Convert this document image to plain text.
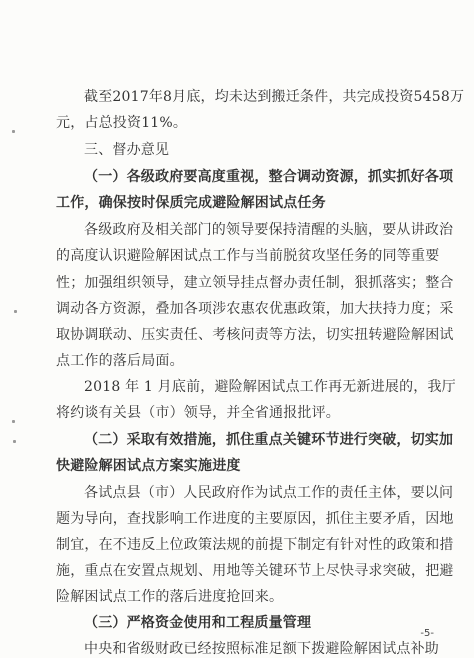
截至2017年8月底，均未达到搬迁条件，共完成投资5458万
元，占总投资11%。
三、督办意见
（一）各级政府要高度重视，整合调动资源，抓实抓好各项
工作，确保按时保质完成避险解困试点任务
各级政府及相关部门的领导要保持清醒的头脑，要从讲政治
的高度认识避险解困试点工作与当前脱贫攻坚任务的同等重要
性；加强组织领导，建立领导挂点督办责任制，狠抓落实；整合
调动各方资源，叠加各项涉农惠农优惠政策，加大扶持力度；采
取协调联动、压实责任、考核问责等方法，切实扭转避险解困试
点工作的落后局面。
2018 年 1 月底前，避险解困试点工作再无新进展的，我厅
将约谈有关县（市）领导，并全省通报批评。
（二）采取有效措施，抓住重点关键环节进行突破，切实加
快避险解困试点方案实施进度
各试点县（市）人民政府作为试点工作的责任主体，要以问
题为导向，查找影响工作进度的主要原因，抓住主要矛盾，因地
制宜，在不违反上位政策法规的前提下制定有针对性的政策和措
施，重点在安置点规划、用地等关键环节上尽快寻求突破，把避
险解困试点工作的落后进度抢回来。
（三）严格资金使用和工程质量管理
中央和省级财政已经按照标准足额下拨避险解困试点补助
-5-
